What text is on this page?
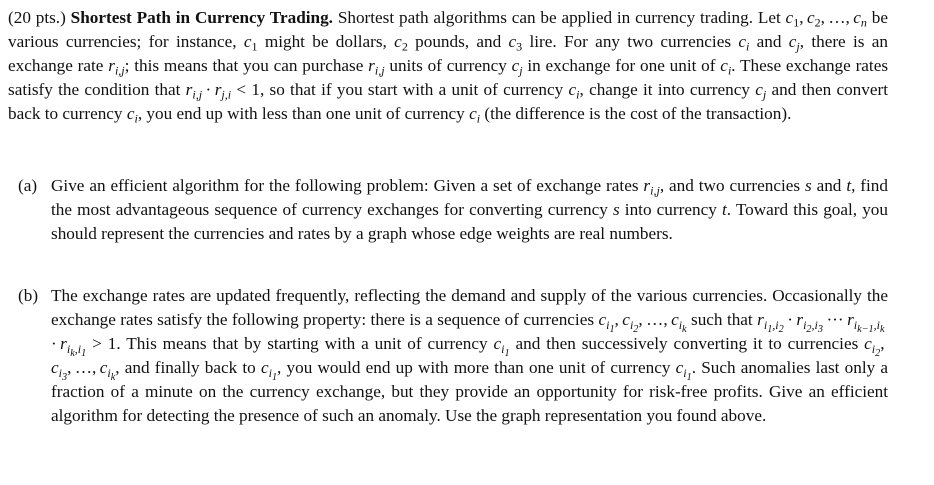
(20 pts.) Shortest Path in Currency Trading. Shortest path algorithms can be applied in currency trading. Let $c_1$, $c_2$, …, $c_n$ be various currencies; for instance, $c_1$ might be dollars, $c_2$ pounds, and $c_3$ lire. For any two currencies $c_i$ and $c_j$, there is an exchange rate $r_{i,j}$; this means that you can purchase $r_{i,j}$ units of currency $c_j$ in exchange for one unit of $c_i$. These exchange rates satisfy the condition that $r_{i,j} \cdot r_{j,i} < 1$, so that if you start with a unit of currency $c_i$, change it into currency $c_j$ and then convert back to currency $c_i$, you end up with less than one unit of currency $c_i$ (the difference is the cost of the transaction).

(a) Give an efficient algorithm for the following problem: Given a set of exchange rates $r_{i,j}$, and two currencies s and t, find the most advantageous sequence of currency exchanges for converting currency s into currency t. Toward this goal, you should represent the currencies and rates by a graph whose edge weights are real numbers.
(b) The exchange rates are updated frequently, reflecting the demand and supply of the various currencies. Occasionally the exchange rates satisfy the following property: there is a sequence of currencies $c_{i_1}$, $c_{i_2}$, …, $c_{i_k}$ such that $r_{i_1,i_2} \cdot r_{i_2,i_3}$ ··· $r_{i_{k-1},i_k} \cdot r_{i_k,i_1} > 1$. This means that by starting with a unit of currency $c_{i_1}$ and then successively converting it to currencies $c_{i_2}$, $c_{i_3}$, …, $c_{i_k}$, and finally back to $c_{i_1}$, you would end up with more than one unit of currency $c_{i_1}$. Such anomalies last only a fraction of a minute on the currency exchange, but they provide an opportunity for risk-free profits. Give an efficient algorithm for detecting the presence of such an anomaly. Use the graph representation you found above.
